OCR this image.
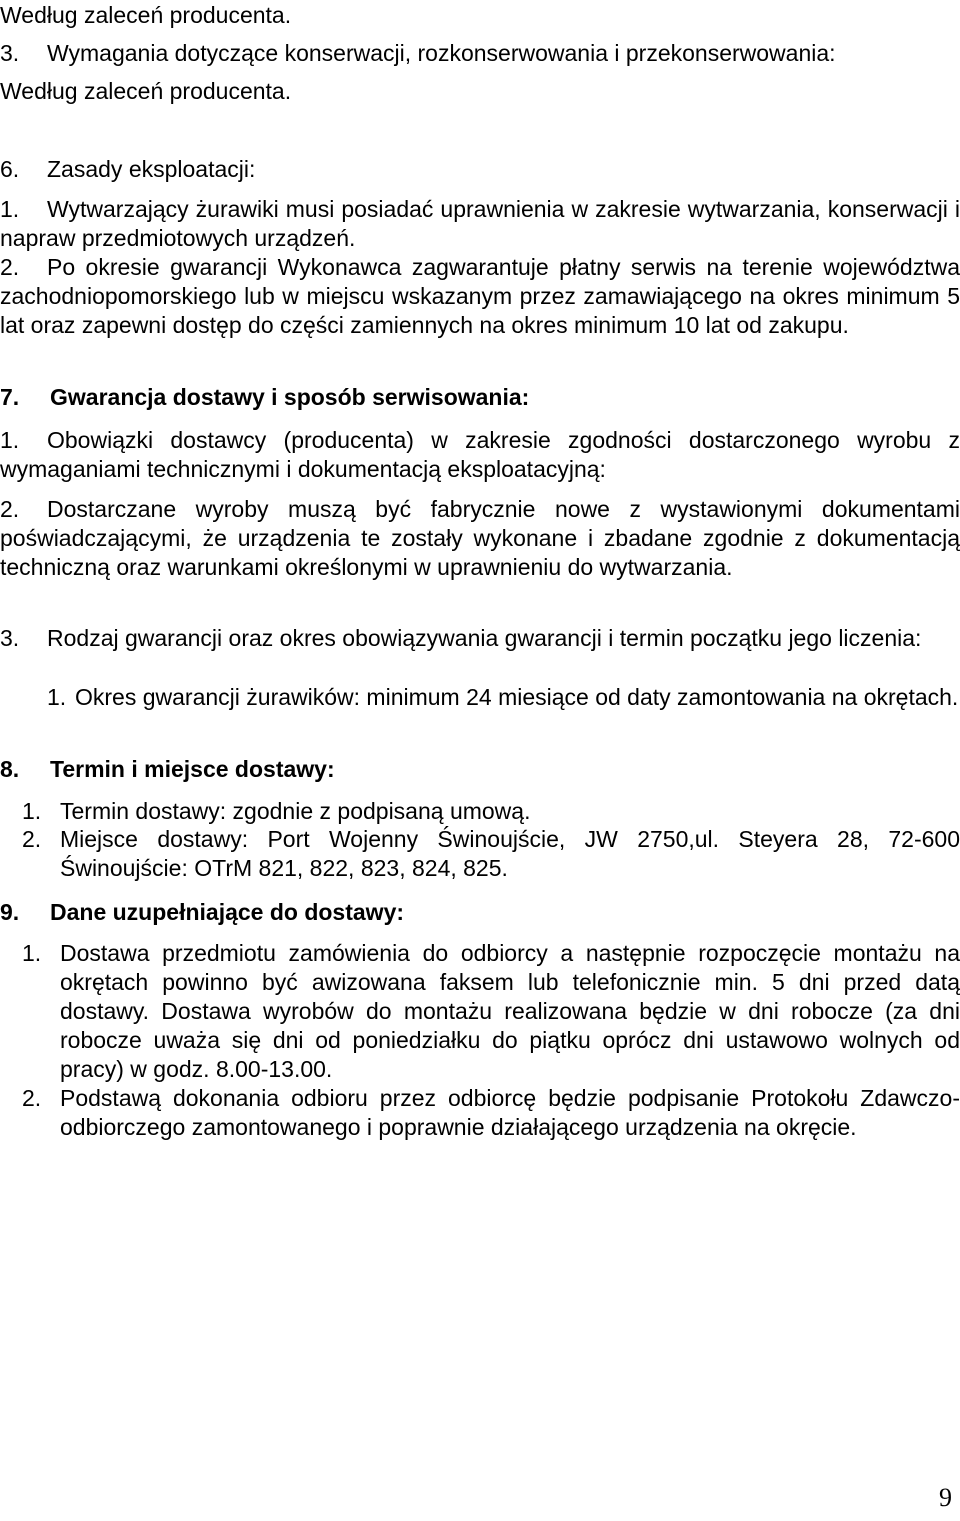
Według zaleceń producenta.
3. Wymagania dotyczące konserwacji, rozkonserwowania i przekonserwowania:
Według zaleceń producenta.
6. Zasady eksploatacji:
1.	Wytwarzający żurawiki musi posiadać uprawnienia w zakresie wytwarzania, konserwacji i napraw przedmiotowych urządzeń.
2.	Po okresie gwarancji Wykonawca zagwarantuje płatny serwis na terenie województwa zachodniopomorskiego lub w miejscu wskazanym przez zamawiającego na okres minimum 5 lat oraz zapewni dostęp do części zamiennych na okres minimum 10 lat od zakupu.
7. Gwarancja dostawy i sposób serwisowania:
1.	Obowiązki dostawcy (producenta) w zakresie zgodności dostarczonego wyrobu z wymaganiami technicznymi i dokumentacją eksploatacyjną:
2.	Dostarczane wyroby muszą być fabrycznie nowe z wystawionymi dokumentami poświadczającymi, że urządzenia te zostały wykonane i zbadane zgodnie z dokumentacją techniczną oraz warunkami określonymi w uprawnieniu do wytwarzania.
3.	Rodzaj gwarancji oraz okres obowiązywania gwarancji i termin początku jego liczenia:
1. Okres gwarancji żurawików: minimum 24 miesiące od daty zamontowania na okrętach.
8. Termin i miejsce dostawy:
1. Termin dostawy: zgodnie z podpisaną umową.
2. Miejsce dostawy: Port Wojenny Świnoujście, JW 2750,ul. Steyera 28, 72-600 Świnoujście: OTrM 821, 822, 823, 824, 825.
9. Dane uzupełniające do dostawy:
1. Dostawa przedmiotu zamówienia do odbiorcy a następnie rozpoczęcie montażu na okrętach powinno być awizowana faksem lub telefonicznie min. 5 dni przed datą dostawy. Dostawa wyrobów do montażu realizowana będzie w dni robocze (za dni robocze uważa się dni od poniedziałku do piątku oprócz dni ustawowo wolnych od pracy) w godz. 8.00-13.00.
2. Podstawą dokonania odbioru przez odbiorcę będzie podpisanie Protokołu Zdawczo-odbiorczego zamontowanego i poprawnie działającego urządzenia na okręcie.
9
